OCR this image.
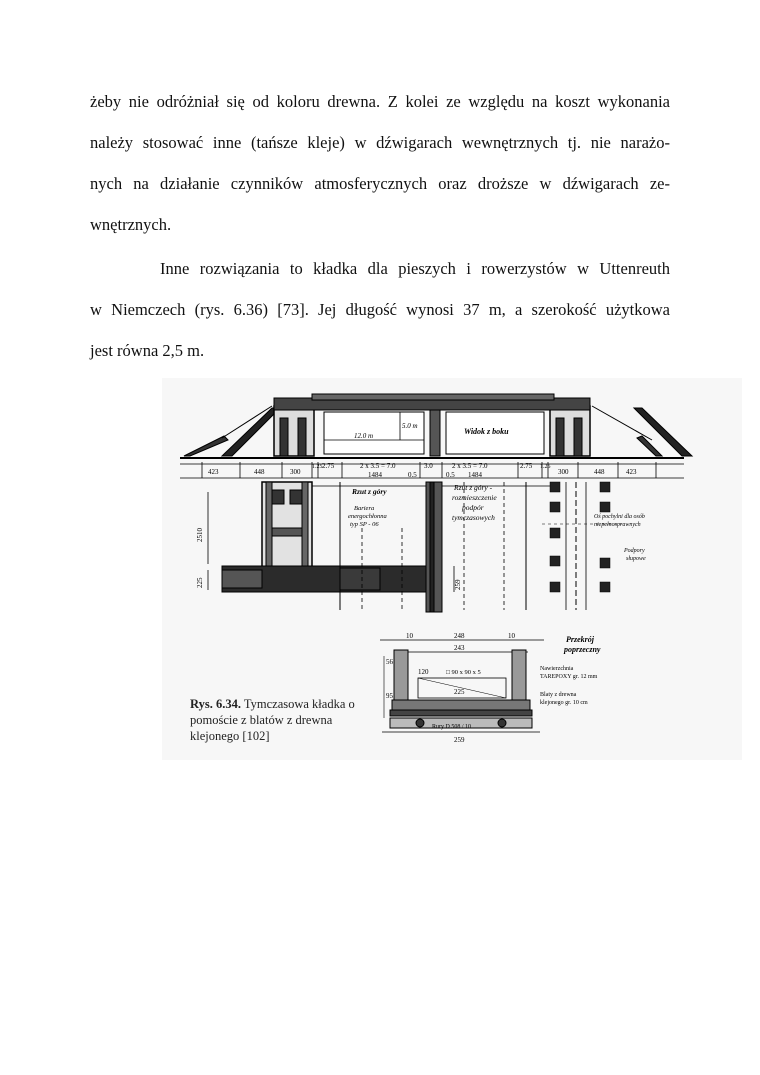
żeby nie odróżniał się od koloru drewna. Z kolei ze względu na koszt wykonania
należy stosować inne (tańsze kleje) w dźwigarach wewnętrznych tj. nie narażo-
nych na działanie czynników atmosferycznych oraz droższe w dźwigarach ze-
wnętrznych.
Inne rozwiązania to kładka dla pieszych i rowerzystów w Uttenreuth
w Niemczech (rys. 6.36) [73]. Jej długość wynosi 37 m, a szerokość użytkowa
jest równa 2,5 m.
12.0 m
5.0 m
Widok z boku
423	448	300
1.25 2.75	2 x 3.5 = 7.0	3.0	2 x 3.5 = 7.0	2.75 1.25
300	448	423
1484	0.5	0.5 1484
Rzut z góry
Bariera
energochłonna
typ SP - 06
Rzut z góry -
rozmieszczenie
podpór
tymczasowych	Oś pochylni dla osób
niepełnosprawnych
Podpory
słupowe
2510
225	259
10	248	10
243
56
120
225
95
259
□ 90 x 90 x 5
Rury D 508 / 10
Przekrój
poprzeczny
Nawierzchnia
TAREPOXY gr. 12 mm
Blaty z drewna
klejonego gr. 10 cm
Rys. 6.34. Tymczasowa kładka o pomoście z blatów z drewna klejonego [102]
